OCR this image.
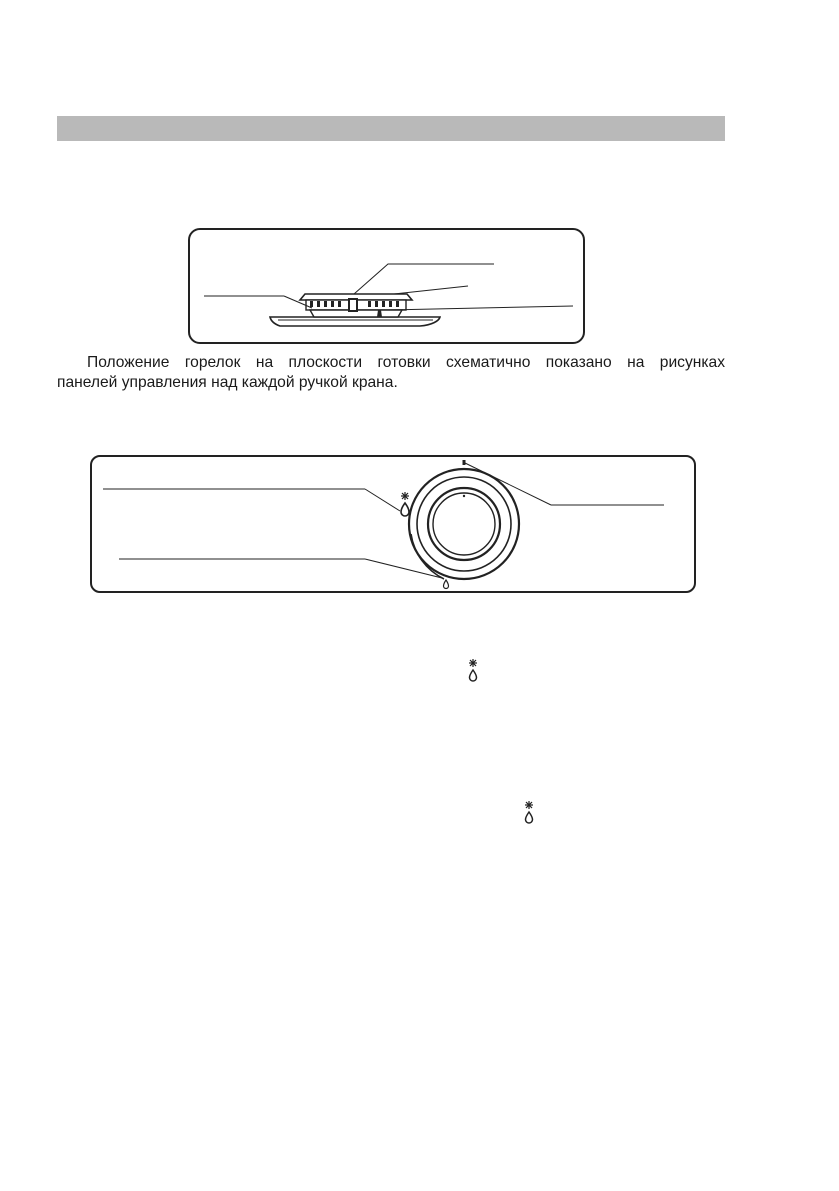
Положение горелок на плоскости готовки схематично показано на рисунках
панелей управления над каждой ручкой крана.
